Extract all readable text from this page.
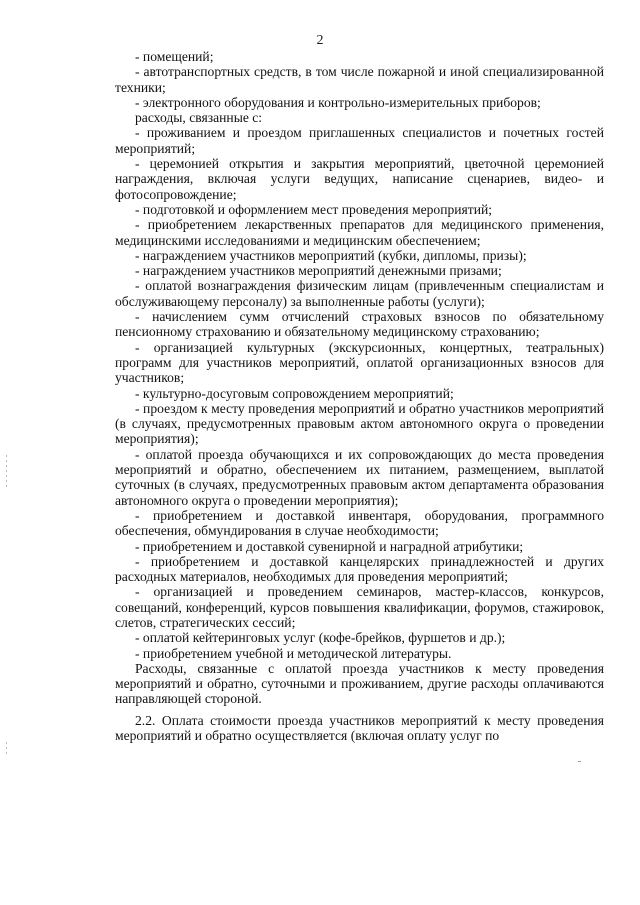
2

- помещений;

- автотранспортных средств, в том числе пожарной и иной специализированной техники;

- электронного оборудования и контрольно-измерительных приборов;

расходы, связанные с:

- проживанием и проездом приглашенных специалистов и почетных гостей мероприятий;

- церемонией открытия и закрытия мероприятий, цветочной церемонией награждения, включая услуги ведущих, написание сценариев, видео- и фотосопровождение;

- подготовкой и оформлением мест проведения мероприятий;

- приобретением лекарственных препаратов для медицинского применения, медицинскими исследованиями и медицинским обеспечением;

- награждением участников мероприятий (кубки, дипломы, призы);

- награждением участников мероприятий денежными призами;

- оплатой вознаграждения физическим лицам (привлеченным специалистам и обслуживающему персоналу) за выполненные работы (услуги);

- начислением сумм отчислений страховых взносов по обязательному пенсионному страхованию и обязательному медицинскому страхованию;

- организацией культурных (экскурсионных, концертных, театральных) программ для участников мероприятий, оплатой организационных взносов для участников;

- культурно-досуговым сопровождением мероприятий;

- проездом к месту проведения мероприятий и обратно участников мероприятий (в случаях, предусмотренных правовым актом автономного округа о проведении мероприятия);

- оплатой проезда обучающихся и их сопровождающих до места проведения мероприятий и обратно, обеспечением их питанием, размещением, выплатой суточных (в случаях, предусмотренных правовым актом департамента образования автономного округа о проведении мероприятия);

- приобретением и доставкой инвентаря, оборудования, программного обеспечения, обмундирования в случае необходимости;

- приобретением и доставкой сувенирной и наградной атрибутики;

- приобретением и доставкой канцелярских принадлежностей и других расходных материалов, необходимых для проведения мероприятий;

- организацией и проведением семинаров, мастер-классов, конкурсов, совещаний, конференций, курсов повышения квалификации, форумов, стажировок, слетов, стратегических сессий;

- оплатой кейтеринговых услуг (кофе-брейков, фуршетов и др.);

- приобретением учебной и методической литературы.

Расходы, связанные с оплатой проезда участников к месту проведения мероприятий и обратно, суточными и проживанием, другие расходы оплачиваются направляющей стороной.

2.2. Оплата стоимости проезда участников мероприятий к месту проведения мероприятий и обратно осуществляется (включая оплату услуг по
